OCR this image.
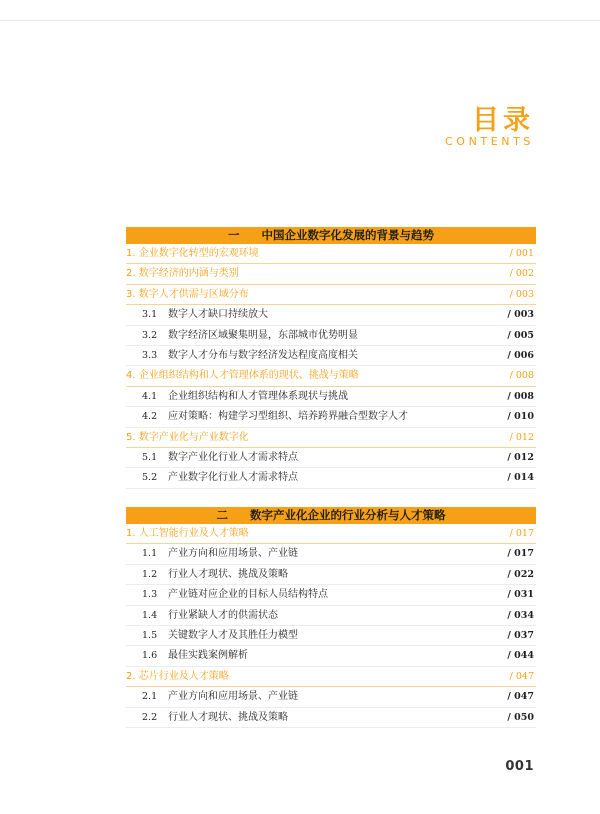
目录
CONTENTS
一 中国企业数字化发展的背景与趋势
1. 企业数字化转型的宏观环境	/ 001
2. 数字经济的内涵与类别	/ 002
3. 数字人才供需与区域分布	/ 003
3.1 数字人才缺口持续放大	/ 003
3.2 数字经济区域聚集明显，东部城市优势明显	/ 005
3.3 数字人才分布与数字经济发达程度高度相关	/ 006
4. 企业组织结构和人才管理体系的现状、挑战与策略	/ 008
4.1 企业组织结构和人才管理体系现状与挑战	/ 008
4.2 应对策略：构建学习型组织、培养跨界融合型数字人才	/ 010
5. 数字产业化与产业数字化	/ 012
5.1 数字产业化行业人才需求特点	/ 012
5.2 产业数字化行业人才需求特点	/ 014
二 数字产业化企业的行业分析与人才策略
1. 人工智能行业及人才策略	/ 017
1.1 产业方向和应用场景、产业链	/ 017
1.2 行业人才现状、挑战及策略	/ 022
1.3 产业链对应企业的目标人员结构特点	/ 031
1.4 行业紧缺人才的供需状态	/ 034
1.5 关键数字人才及其胜任力模型	/ 037
1.6 最佳实践案例解析	/ 044
2. 芯片行业及人才策略	/ 047
2.1 产业方向和应用场景、产业链	/ 047
2.2 行业人才现状、挑战及策略	/ 050
001
